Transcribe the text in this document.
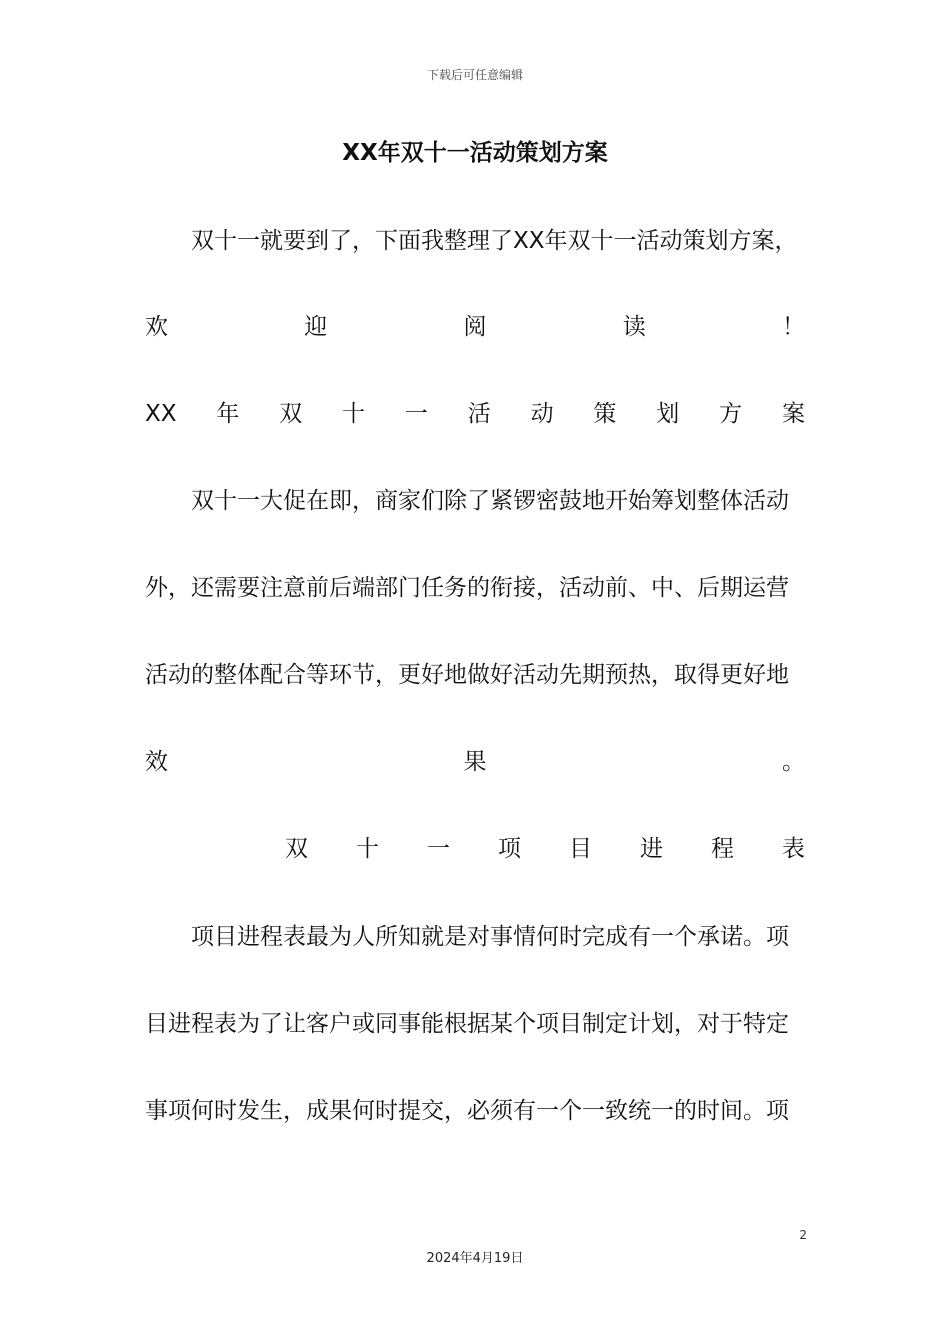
下载后可任意编辑
XX年双十一活动策划方案
双十一就要到了，下面我整理了XX年双十一活动策划方案，
欢	迎	阅	读	！
XX 年 双 十 一 活 动 策 划 方 案
双十一大促在即，商家们除了紧锣密鼓地开始筹划整体活动
外，还需要注意前后端部门任务的衔接，活动前、中、后期运营
活动的整体配合等环节，更好地做好活动先期预热，取得更好地
效	果	。
双 十 一 项 目 进 程 表
项目进程表最为人所知就是对事情何时完成有一个承诺。项
目进程表为了让客户或同事能根据某个项目制定计划，对于特定
事项何时发生，成果何时提交，必须有一个一致统一的时间。项
2
2024年4月19日
